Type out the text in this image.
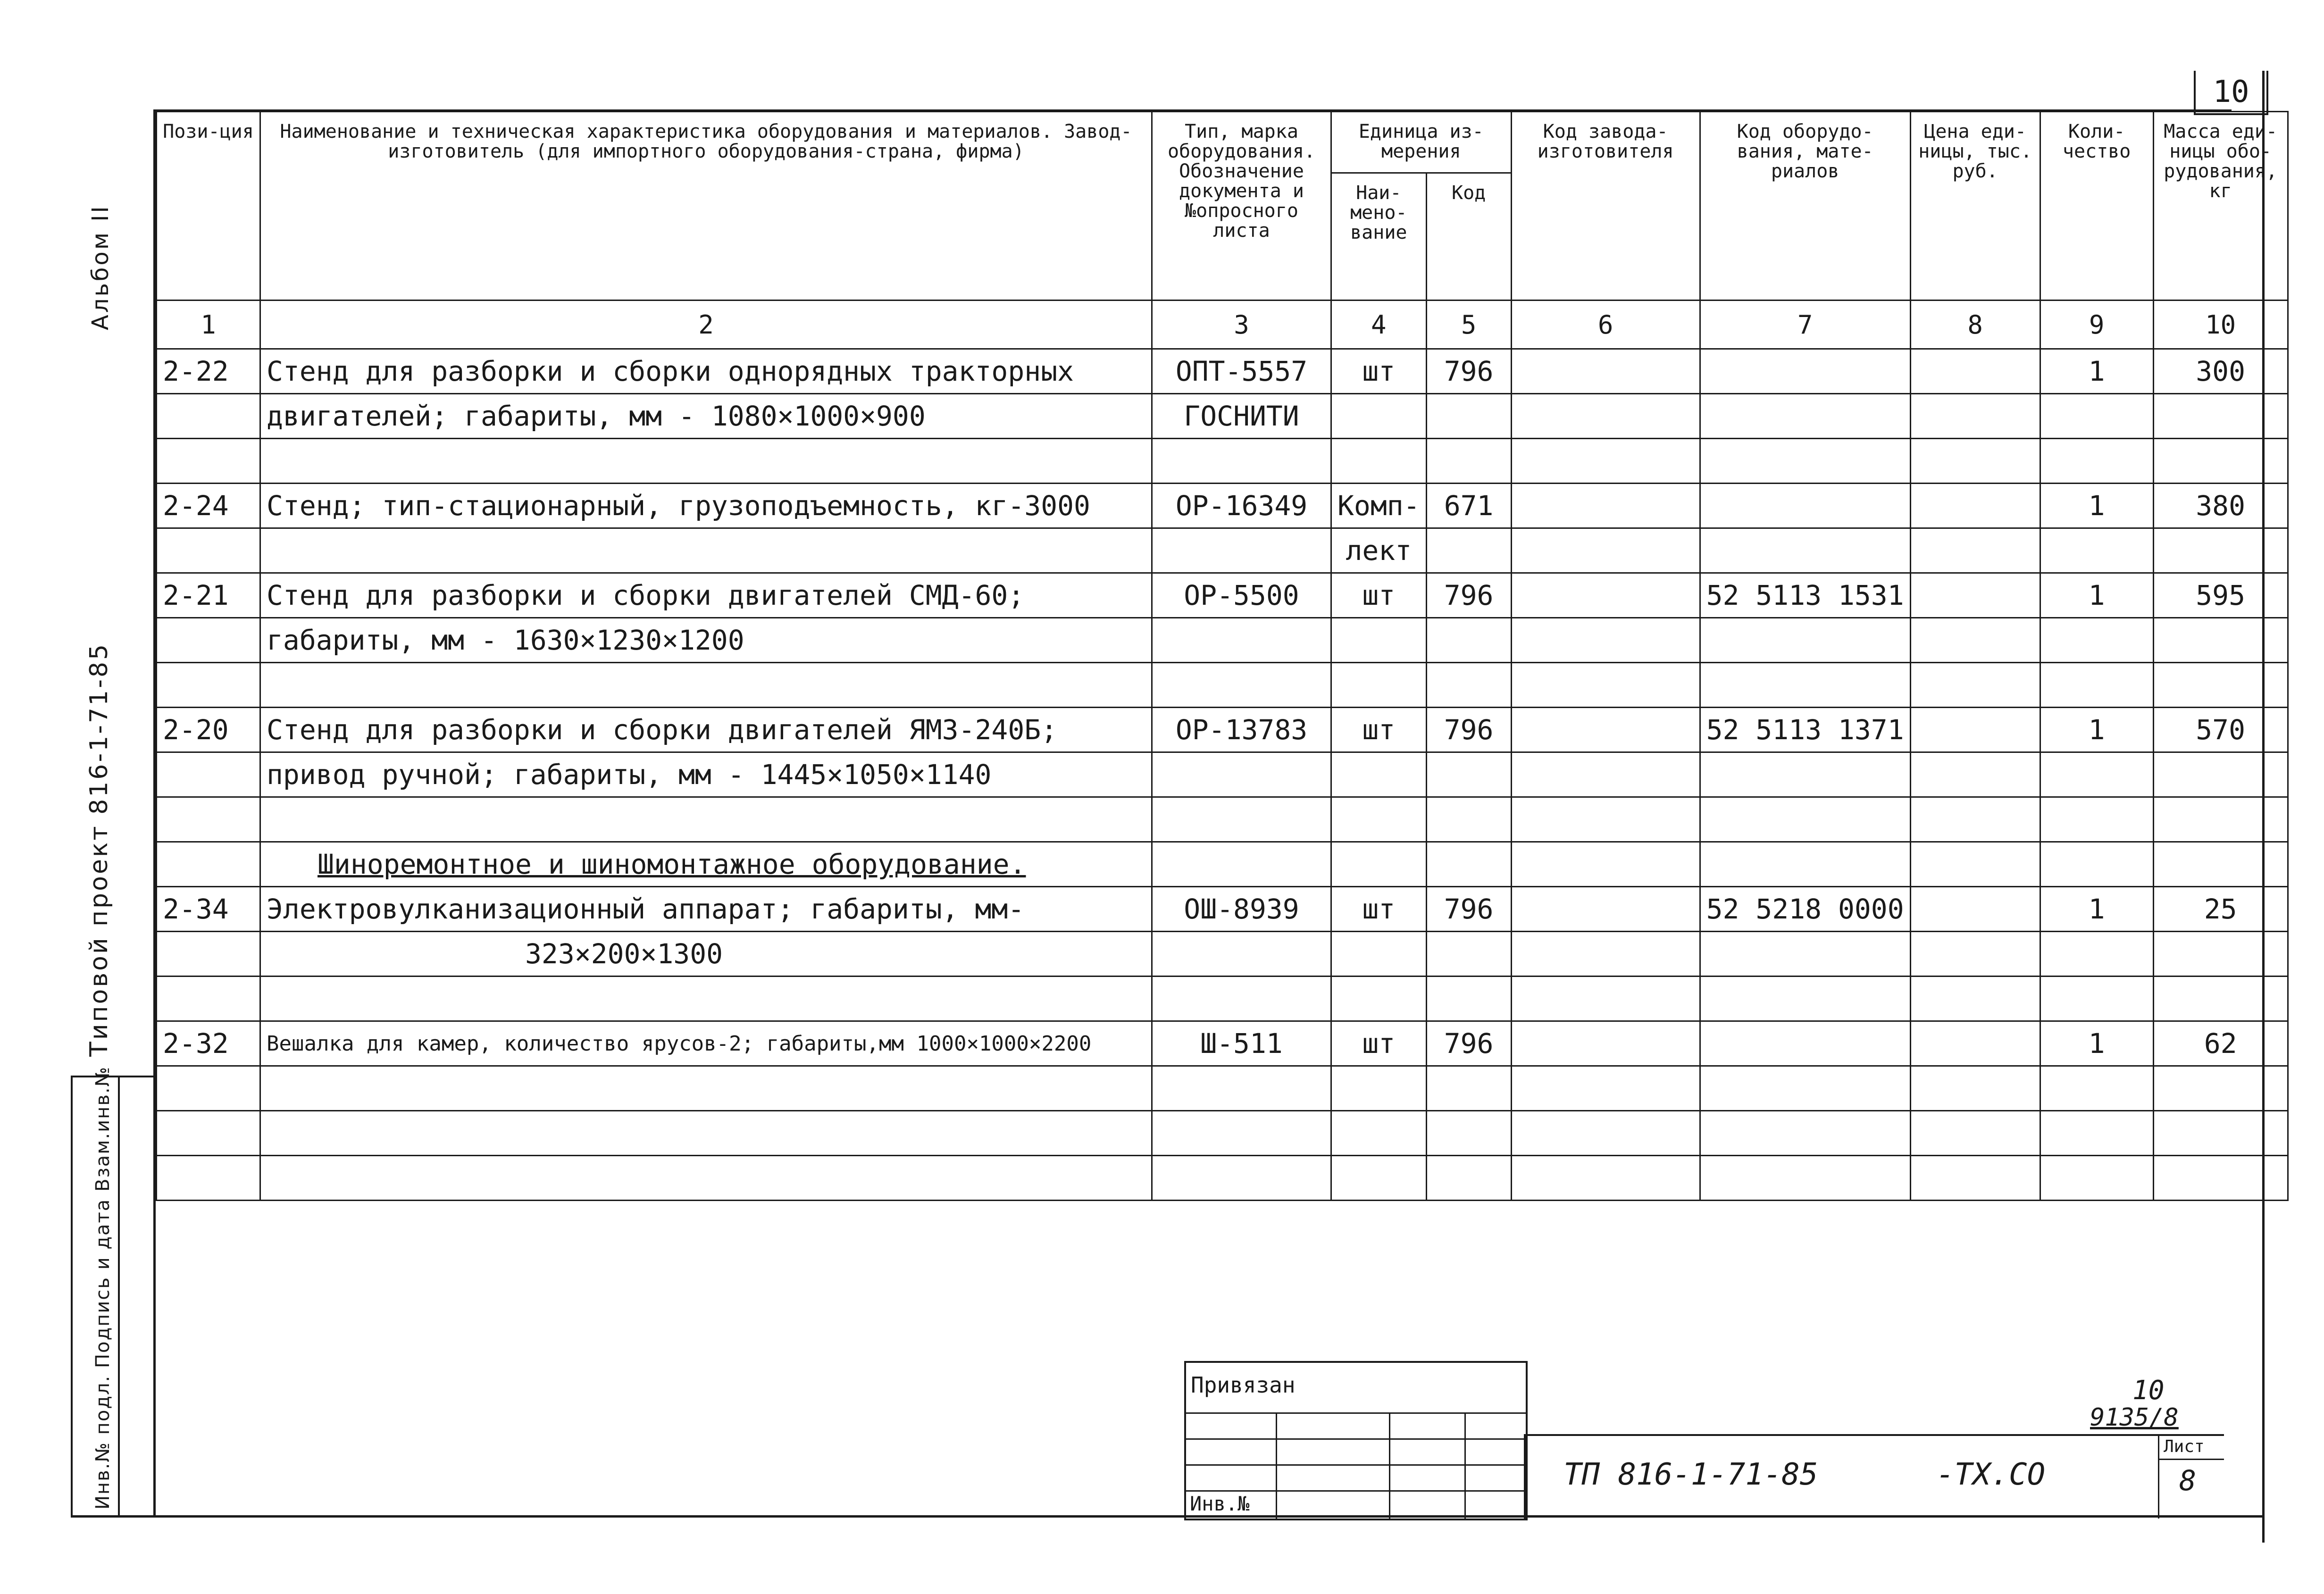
10
Альбом II
Типовой проект 816-1-71-85
Инв.№ подл. Подпись и дата Взам.инв.№
Пози-ция	Наименование и техническая характеристика оборудования и материалов. Завод-изготовитель (для импортного оборудования-страна, фирма)	Тип, марка оборудования. Обозначение документа и №опросного листа	Единица из-мерения		Код завода-изготовителя	Код оборудо-вания, мате-риалов	Цена еди-ницы, тыс. руб.	Коли-чество	Масса еди-ницы обо-рудования, кг
			Наи-мено-вание	Код					
1	2	3	4	5	6	7	8	9	10
2-22	Стенд для разборки и сборки однорядных тракторных	ОПТ-5557	шт	796				1	300
	двигателей; габариты, мм - 1080×1000×900	ГОСНИТИ							

2-24	Стенд; тип-стационарный, грузоподъемность, кг-3000	ОР-16349	Комп-	671				1	380
			лект						
2-21	Стенд для разборки и сборки двигателей СМД-60;	ОР-5500	шт	796		52 5113 1531		1	595
	габариты, мм - 1630×1230×1200								

2-20	Стенд для разборки и сборки двигателей ЯМЗ-240Б;	ОР-13783	шт	796		52 5113 1371		1	570
	привод ручной; габариты, мм - 1445×1050×1140								

	Шиноремонтное и шиномонтажное оборудование.								
2-34	Электровулканизационный аппарат; габариты, мм-	ОШ-8939	шт	796		52 5218 0000		1	25
	323×200×1300								

2-32	Вешалка для камер, количество ярусов-2; габариты,мм 1000×1000×2200	Ш-511	шт	796				1	62

Привязан
Инв.№
ТП 816-1-71-85	-ТХ.СО
Лист
8
10
9135/8
